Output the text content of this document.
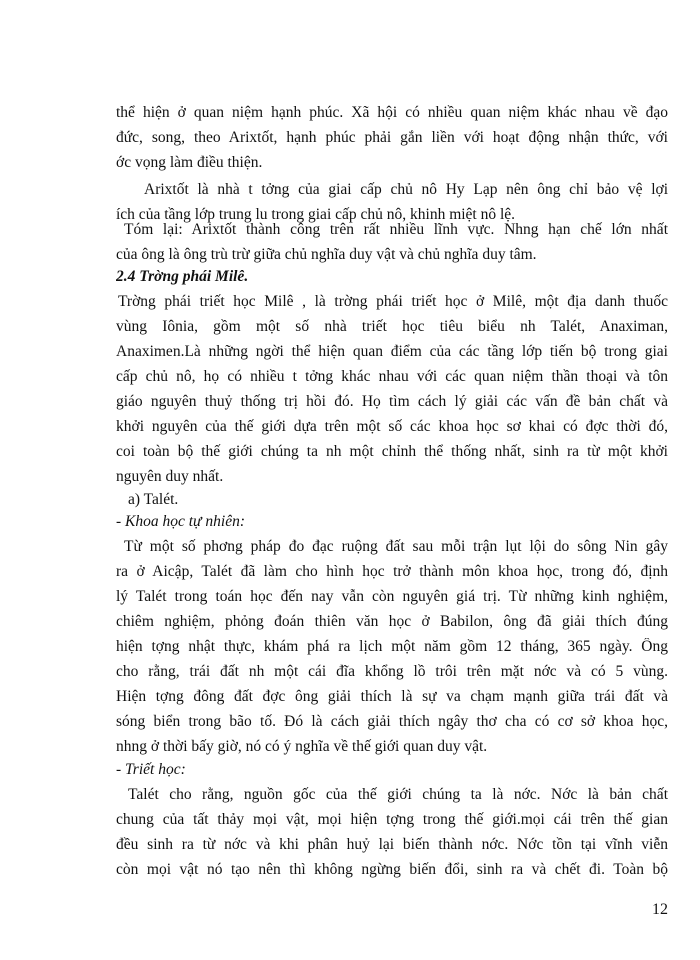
thể hiện ở quan niệm hạnh phúc. Xã hội có nhiều quan niệm khác nhau về đạo
đức, song, theo Arixtốt, hạnh phúc phải gắn liền với hoạt động nhận thức, với
ớc vọng làm điều thiện.
Arixtốt là nhà t tởng của giai cấp chủ nô Hy Lạp nên ông chỉ bảo vệ lợi
ích của tầng lớp trung lu trong giai cấp chủ nô, khinh miệt nô lệ.
Tóm lại: Arixtốt thành công trên rất nhiều lĩnh vực. Nhng hạn chế lớn nhất
của ông là ông trù trừ giữa chủ nghĩa duy vật và chủ nghĩa duy tâm.
2.4 Trờng phái Milê.
Trờng phái triết học Milê , là trờng phái triết học ở Milê, một địa danh thuốc
vùng Iônia, gồm một số nhà triết học tiêu biểu nh Talét, Anaximan,
Anaximen.Là những ngời thể hiện quan điểm của các tầng lớp tiến bộ trong giai
cấp chủ nô, họ có nhiều t tởng khác nhau với các quan niệm thần thoại và tôn
giáo nguyên thuỷ thống trị hồi đó. Họ tìm cách lý giải các vấn đề bản chất và
khởi nguyên của thế giới dựa trên một số các khoa học sơ khai có đợc thời đó,
coi toàn bộ thế giới chúng ta nh một chỉnh thể thống nhất, sinh ra từ một khởi
nguyên duy nhất.
a) Talét.
- Khoa học tự nhiên:
Từ một số phơng pháp đo đạc ruộng đất sau mỗi trận lụt lội do sông Nin gây
ra ở Aicập, Talét đã làm cho hình học trở thành môn khoa học, trong đó, định
lý Talét trong toán học đến nay vẫn còn nguyên giá trị. Từ những kinh nghiệm,
chiêm nghiệm, phỏng đoán thiên văn học ở Babilon, ông đã giải thích đúng
hiện tợng nhật thực, khám phá ra lịch một năm gồm 12 tháng, 365 ngày. Ông
cho rằng, trái đất nh một cái đĩa khổng lồ trôi trên mặt nớc và có 5 vùng.
Hiện tợng đông đất đợc ông giải thích là sự va chạm mạnh giữa trái đất và
sóng biển trong bão tố. Đó là cách giải thích ngây thơ cha có cơ sở khoa học,
nhng ở thời bấy giờ, nó có ý nghĩa về thế giới quan duy vật.
- Triết học:
Talét cho rằng, nguồn gốc của thế giới chúng ta là nớc. Nớc là bản chất
chung của tất thảy mọi vật, mọi hiện tợng trong thế giới.mọi cái trên thế gian
đều sinh ra từ nớc và khi phân huỷ lại biến thành nớc. Nớc tồn tại vĩnh viễn
còn mọi vật nó tạo nên thì không ngừng biến đổi, sinh ra và chết đi. Toàn bộ
12
